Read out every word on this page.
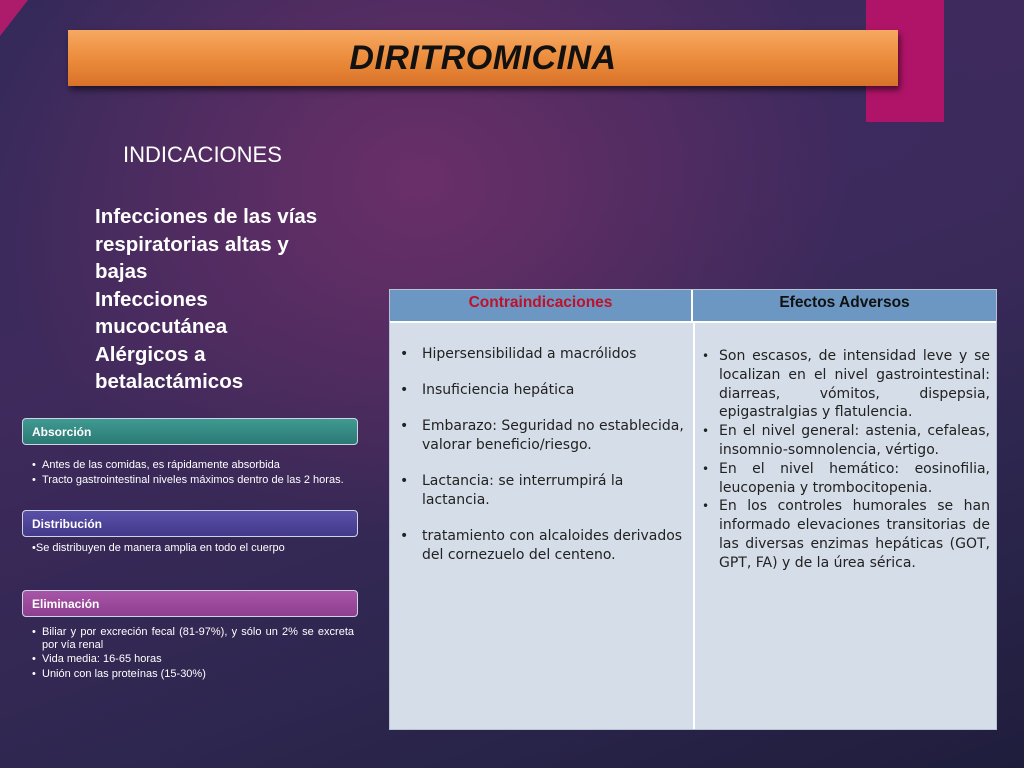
DIRITROMICINA
INDICACIONES
Infecciones de las vías
respiratorias altas y
bajas
Infecciones
mucocutánea
Alérgicos a
betalactámicos
Absorción
• Antes de las comidas, es rápidamente absorbida
• Tracto gastrointestinal niveles máximos dentro de las 2 horas.
Distribución
•Se distribuyen de manera amplia en todo el cuerpo
Eliminación
• Biliar y por excreción fecal (81-97%), y sólo un 2% se excreta por vía renal
• Vida media: 16-65 horas
• Unión con las proteínas (15-30%)
Contraindicaciones	Efectos Adversos
• Hipersensibilidad a macrólidos
• Insuficiencia hepática
• Embarazo: Seguridad no establecida, valorar beneficio/riesgo.
• Lactancia: se interrumpirá la lactancia.
• tratamiento con alcaloides derivados del cornezuelo del centeno.
• Son escasos, de intensidad leve y se localizan en el nivel gastrointestinal: diarreas, vómitos, dispepsia, epigastralgias y flatulencia.
• En el nivel general: astenia, cefaleas, insomnio-somnolencia, vértigo.
• En el nivel hemático: eosinofilia, leucopenia y trombocitopenia.
• En los controles humorales se han informado elevaciones transitorias de las diversas enzimas hepáticas (GOT, GPT, FA) y de la úrea sérica.
